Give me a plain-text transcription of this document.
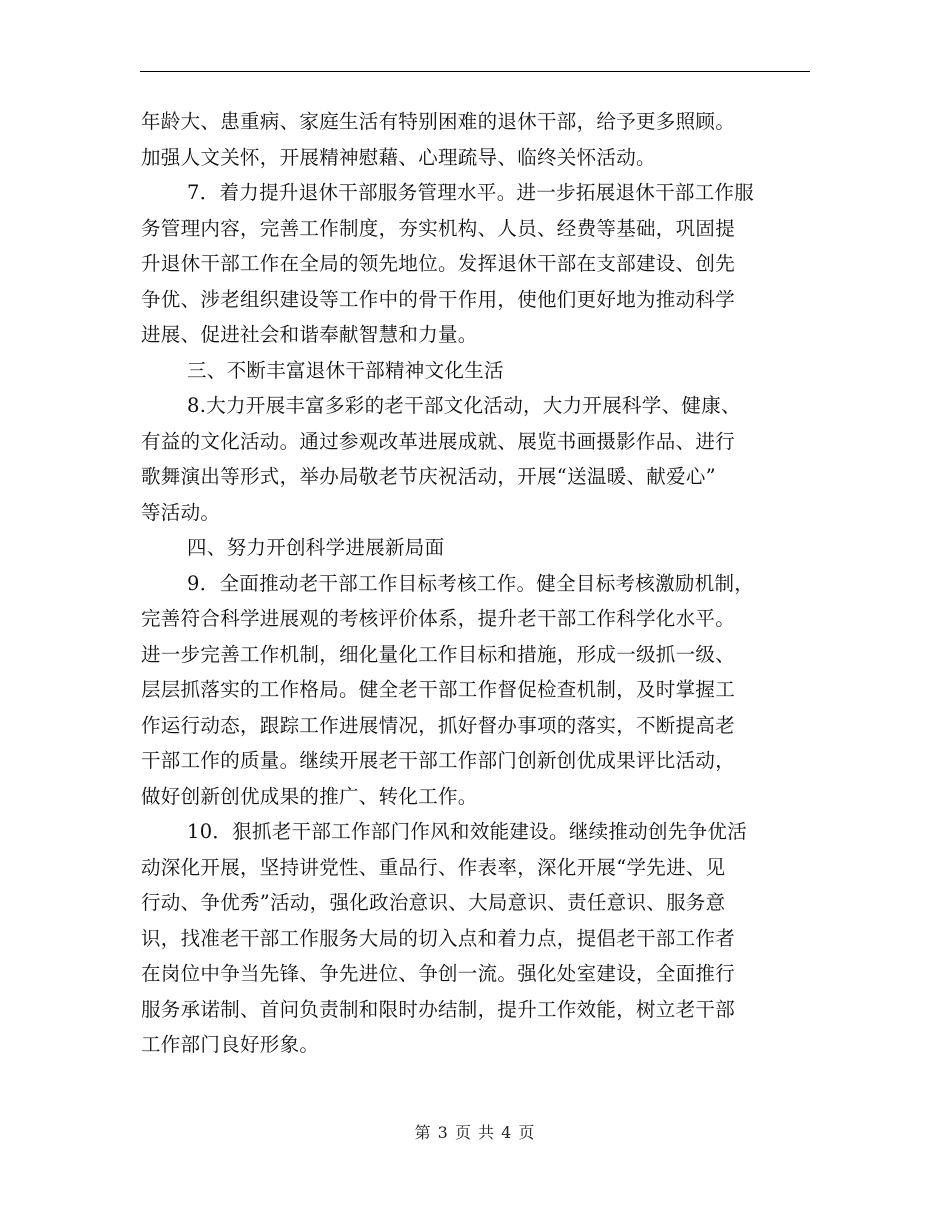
年龄大、患重病、家庭生活有特别困难的退休干部，给予更多照顾。
加强人文关怀，开展精神慰藉、心理疏导、临终关怀活动。
7．着力提升退休干部服务管理水平。进一步拓展退休干部工作服
务管理内容，完善工作制度，夯实机构、人员、经费等基础，巩固提
升退休干部工作在全局的领先地位。发挥退休干部在支部建设、创先
争优、涉老组织建设等工作中的骨干作用，使他们更好地为推动科学
进展、促进社会和谐奉献智慧和力量。
三、不断丰富退休干部精神文化生活
8.大力开展丰富多彩的老干部文化活动，大力开展科学、健康、
有益的文化活动。通过参观改革进展成就、展览书画摄影作品、进行
歌舞演出等形式，举办局敬老节庆祝活动，开展“送温暖、献爱心”
等活动。
四、努力开创科学进展新局面
9．全面推动老干部工作目标考核工作。健全目标考核激励机制，
完善符合科学进展观的考核评价体系，提升老干部工作科学化水平。
进一步完善工作机制，细化量化工作目标和措施，形成一级抓一级、
层层抓落实的工作格局。健全老干部工作督促检查机制，及时掌握工
作运行动态，跟踪工作进展情况，抓好督办事项的落实，不断提高老
干部工作的质量。继续开展老干部工作部门创新创优成果评比活动，
做好创新创优成果的推广、转化工作。
10．狠抓老干部工作部门作风和效能建设。继续推动创先争优活
动深化开展，坚持讲党性、重品行、作表率，深化开展“学先进、见
行动、争优秀”活动，强化政治意识、大局意识、责任意识、服务意
识，找准老干部工作服务大局的切入点和着力点，提倡老干部工作者
在岗位中争当先锋、争先进位、争创一流。强化处室建设，全面推行
服务承诺制、首问负责制和限时办结制，提升工作效能，树立老干部
工作部门良好形象。
第 3 页 共 4 页
